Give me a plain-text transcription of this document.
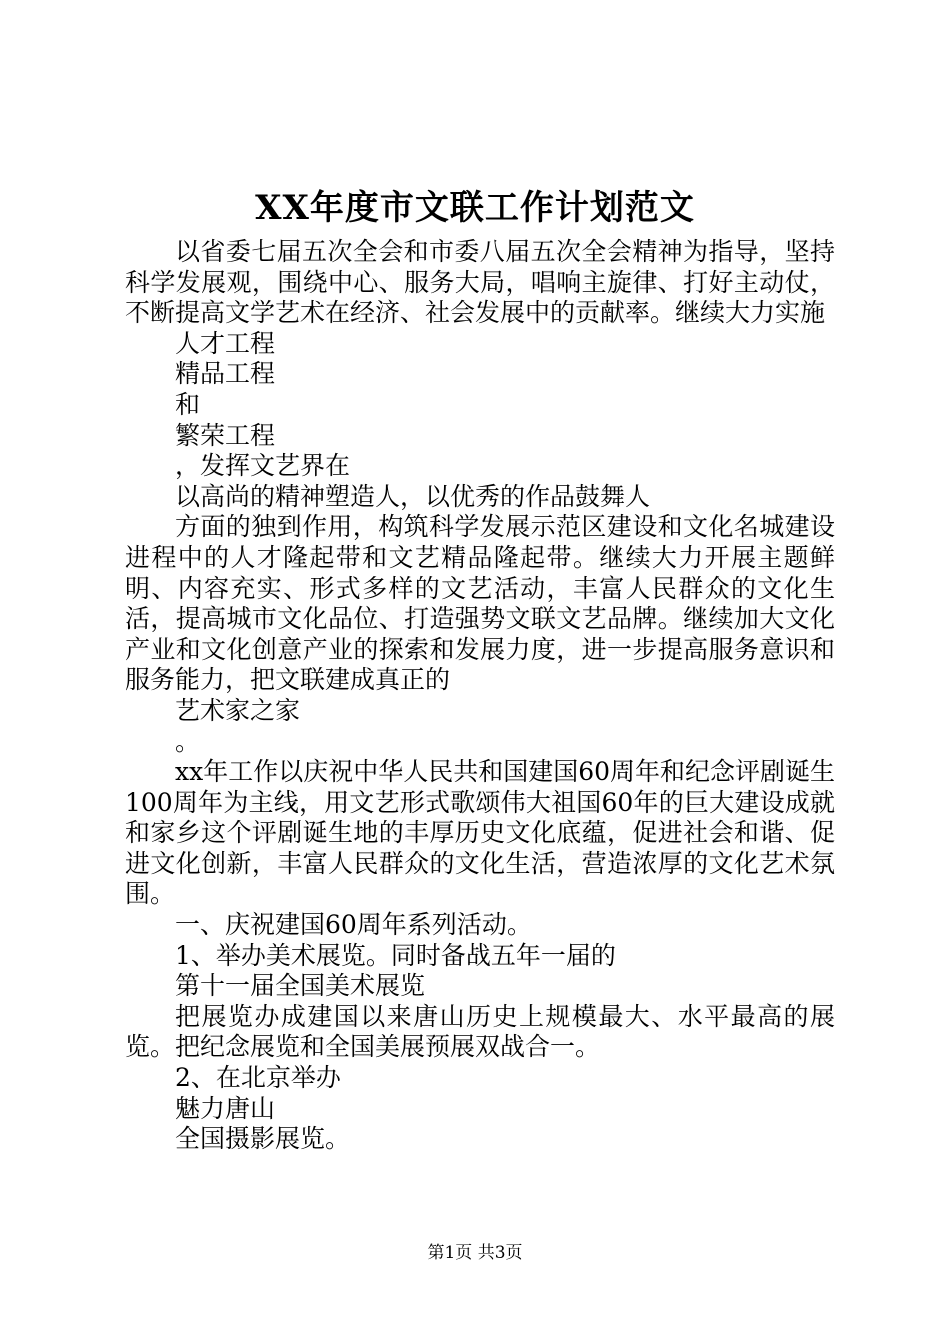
XX年度市文联工作计划范文

以省委七届五次全会和市委八届五次全会精神为指导，坚持科学发展观，围绕中心、服务大局，唱响主旋律、打好主动仗，不断提高文学艺术在经济、社会发展中的贡献率。继续大力实施

人才工程

精品工程

和

繁荣工程

，发挥文艺界在

以高尚的精神塑造人，以优秀的作品鼓舞人

方面的独到作用，构筑科学发展示范区建设和文化名城建设进程中的人才隆起带和文艺精品隆起带。继续大力开展主题鲜明、内容充实、形式多样的文艺活动，丰富人民群众的文化生活，提高城市文化品位、打造强势文联文艺品牌。继续加大文化产业和文化创意产业的探索和发展力度，进一步提高服务意识和服务能力，把文联建成真正的

艺术家之家

。

xx年工作以庆祝中华人民共和国建国60周年和纪念评剧诞生100周年为主线，用文艺形式歌颂伟大祖国60年的巨大建设成就和家乡这个评剧诞生地的丰厚历史文化底蕴，促进社会和谐、促进文化创新，丰富人民群众的文化生活，营造浓厚的文化艺术氛围。

一、庆祝建国60周年系列活动。

1、举办美术展览。同时备战五年一届的

第十一届全国美术展览

把展览办成建国以来唐山历史上规模最大、水平最高的展览。把纪念展览和全国美展预展双战合一。

2、在北京举办

魅力唐山

全国摄影展览。

第1页 共3页
